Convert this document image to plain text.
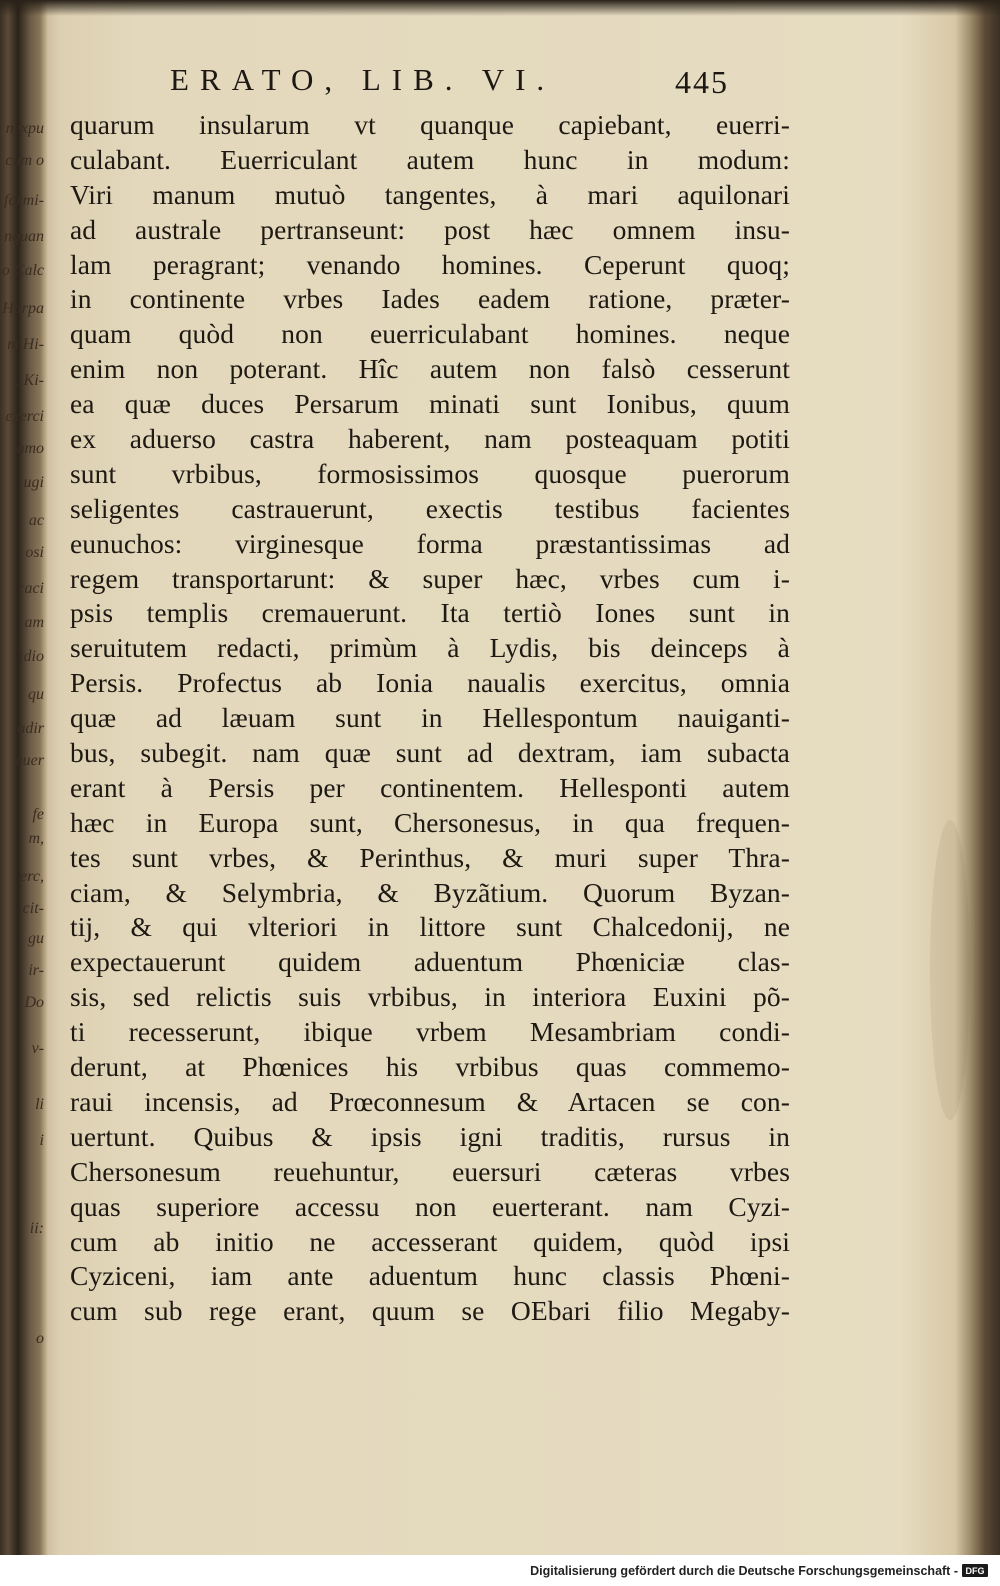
nexpu
cum o
formi-
nquan
o Calc
Harpa
m Hi-
, Ki-
exerci
amo
ugi
ac
osi
raci
am
idio
qu
adir
euer
fe
m,
erc,
cit-
gu
ir-
Do
v-
li
i
ii:
o
ERATO, LIB. VI.	445
quarum insularum vt quanque capiebant, euerri-
culabant. Euerriculant autem hunc in modum:
Viri manum mutuò tangentes, à mari aquilonari
ad australe pertranseunt: post hæc omnem insu-
lam peragrant; venando homines. Ceperunt quoq;
in continente vrbes Iades eadem ratione, præter-
quam quòd non euerriculabant homines. neque
enim non poterant. Hîc autem non falsò cesserunt
ea quæ duces Persarum minati sunt Ionibus, quum
ex aduerso castra haberent, nam posteaquam potiti
sunt vrbibus, formosissimos quosque puerorum
seligentes castrauerunt, exectis testibus facientes
eunuchos: virginesque forma præstantissimas ad
regem transportarunt: & super hæc, vrbes cum i-
psis templis cremauerunt. Ita tertiò Iones sunt in
seruitutem redacti, primùm à Lydis, bis deinceps à
Persis. Profectus ab Ionia naualis exercitus, omnia
quæ ad læuam sunt in Hellespontum nauiganti-
bus, subegit. nam quæ sunt ad dextram, iam subacta
erant à Persis per continentem. Hellesponti autem
hæc in Europa sunt, Chersonesus, in qua frequen-
tes sunt vrbes, & Perinthus, & muri super Thra-
ciam, & Selymbria, & Byzãtium. Quorum Byzan-
tij, & qui vlteriori in littore sunt Chalcedonij, ne
expectauerunt quidem aduentum Phœniciæ clas-
sis, sed relictis suis vrbibus, in interiora Euxini põ-
ti recesserunt, ibique vrbem Mesambriam condi-
derunt, at Phœnices his vrbibus quas commemo-
raui incensis, ad Prœconnesum & Artacen se con-
uertunt. Quibus & ipsis igni traditis, rursus in
Chersonesum reuehuntur, euersuri cæteras vrbes
quas superiore accessu non euerterant. nam Cyzi-
cum ab initio ne accesserant quidem, quòd ipsi
Cyziceni, iam ante aduentum hunc classis Phœni-
cum sub rege erant, quum se OEbari filio Megaby-
Digitalisierung gefördert durch die Deutsche Forschungsgemeinschaft - DFG
